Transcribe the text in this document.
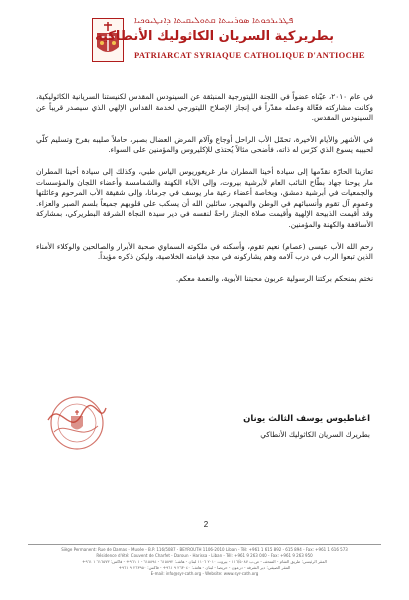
ܦܛܪܝܪܟܘܬܐ ܣܘܪܝܝܬܐ ܩܬܘܠܝܩܝܬܐ ܕܐܢܛܝܘܟܝܐ
بطريركية السريان الكاثوليك الأنطاكية
PATRIARCAT SYRIAQUE CATHOLIQUE D'ANTIOCHE

في عام ٢٠١٠، عيّناه عضواً في اللجنة الليتورجية المنبثقة عن السينودس المقدس لكنيستنا السريانية الكاثوليكية، وكانت مشاركته فعّالة وعمله مقدّراً في إنجاز الإصلاح الليتورجي لخدمة القداس الإلهي الذي سيصدر قريباً عن السينودس المقدس.

في الأشهر والأيام الأخيرة، تحمّل الأب الراحل أوجاع وآلام المرض العضال بصبر، حاملاً صليبه بفرح وتسليم كلّي لحبيبه يسوع الذي كرّس له ذاته، فأضحى مثالاً يُحتذى للإكليروس والمؤمنين على السواء.

تعازينا الحارّة نقدّمها إلى سيادة أخينا المطران مار غريغوريوس الياس طبي، وكذلك إلى سيادة أخينا المطران مار يوحنا جهاد بطّاح النائب العام لأبرشية بيروت، وإلى الآباء الكهنة والشمامسة وأعضاء اللجان والمؤسسات والجمعيات في أبرشية دمشق، وبخاصة أعضاء رعية مار يوسف في جرمانا، وإلى شقيقة الأب المرحوم وعائلتها وعموم آل تقوم وأنسبائهم في الوطن والمهجر، سائلين الله أن يسكب على قلوبهم جميعاً بلسم الصبر والعزاء. وقد أقيمت الذبيحة الإلهية وأقيمت صلاة الجناز راحةً لنفسه في دير سيدة النجاة الشرقة البطريركي، بمشاركة الأساقفة والكهنة والمؤمنين.

رحم الله الأب عيسى (عصام) نعيم تقوم، وأسكنه في ملكوته السماوي صحبة الأبرار والصالحين والوكلاء الأمناء الذين تبعوا الرب في درب آلامه وهم يشاركونه في مجد قيامته الخلاصية، وليكن ذكره مؤبداً.

نختم بمنحكم بركتنا الرسولية عربون محبتنا الأبوية، والنعمة معكم.

اغناطيوس يوسف الثالث يونان
بطريرك السريان الكاثوليك الأنطاكي
2
Siège Permanent: Rue de Damas - Musée - B.P. 116/5087 - BEYROUTH 1106-2010 Liban - Tél: +961 1 615 892 - 615 894 - Fax: +961 1 616 573
Résidence d'été: Couvent de Charfet - Daroun - Harissa - Liban - Tél: +961 9 263 040 - Fax: +961 9 263 950
المقر الرئيسي: طريق الشام - المتحف - ص.ب ١١٦/٥٠٨٧ - بيروت ٢٠١٠ ١١٠٦ لبنان - هاتف: ٦١٥٨٩٢ - ٦١٥٨٩٤ - ١ ٩٦١+ - فاكس: ٦١٦٥٧٣ ١ ٩٦١+
المقر الصيفي: دير الشرفة - درعون - حريصا - لبنان - هاتف: ٢٦٣٠٤٠ ٩ ٩٦١+ - فاكس: ٢٦٣٩٥٠ ٩ ٩٦١+
E-mail: info@syr-cath.org - Website: www.syr-cath.org
